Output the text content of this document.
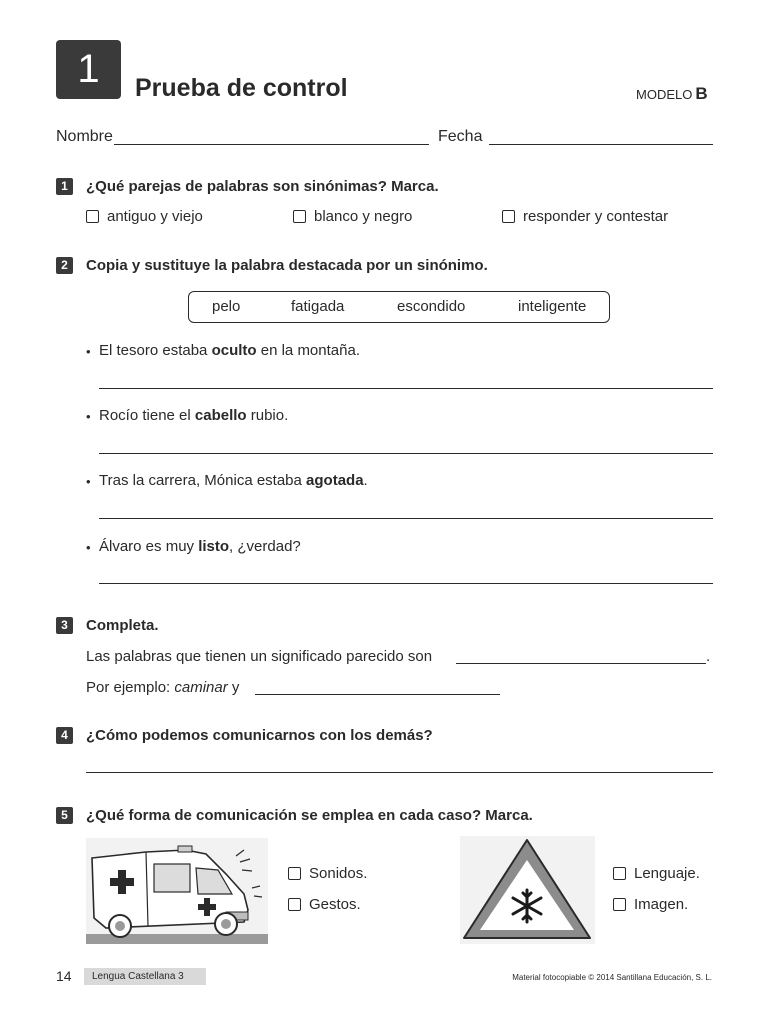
1	Prueba de control	MODELO B
Nombre	Fecha
1	¿Qué parejas de palabras son sinónimas? Marca.
antiguo y viejo	blanco y negro	responder y contestar
2	Copia y sustituye la palabra destacada por un sinónimo.
pelo	fatigada	escondido	inteligente
• El tesoro estaba oculto en la montaña.
• Rocío tiene el cabello rubio.
• Tras la carrera, Mónica estaba agotada.
• Álvaro es muy listo, ¿verdad?
3	Completa.
Las palabras que tienen un significado parecido son	.
Por ejemplo: caminar y
4	¿Cómo podemos comunicarnos con los demás?
5	¿Qué forma de comunicación se emplea en cada caso? Marca.
Sonidos.
Gestos.
Lenguaje.
Imagen.
14	Lengua Castellana 3	Material fotocopiable © 2014 Santillana Educación, S. L.
